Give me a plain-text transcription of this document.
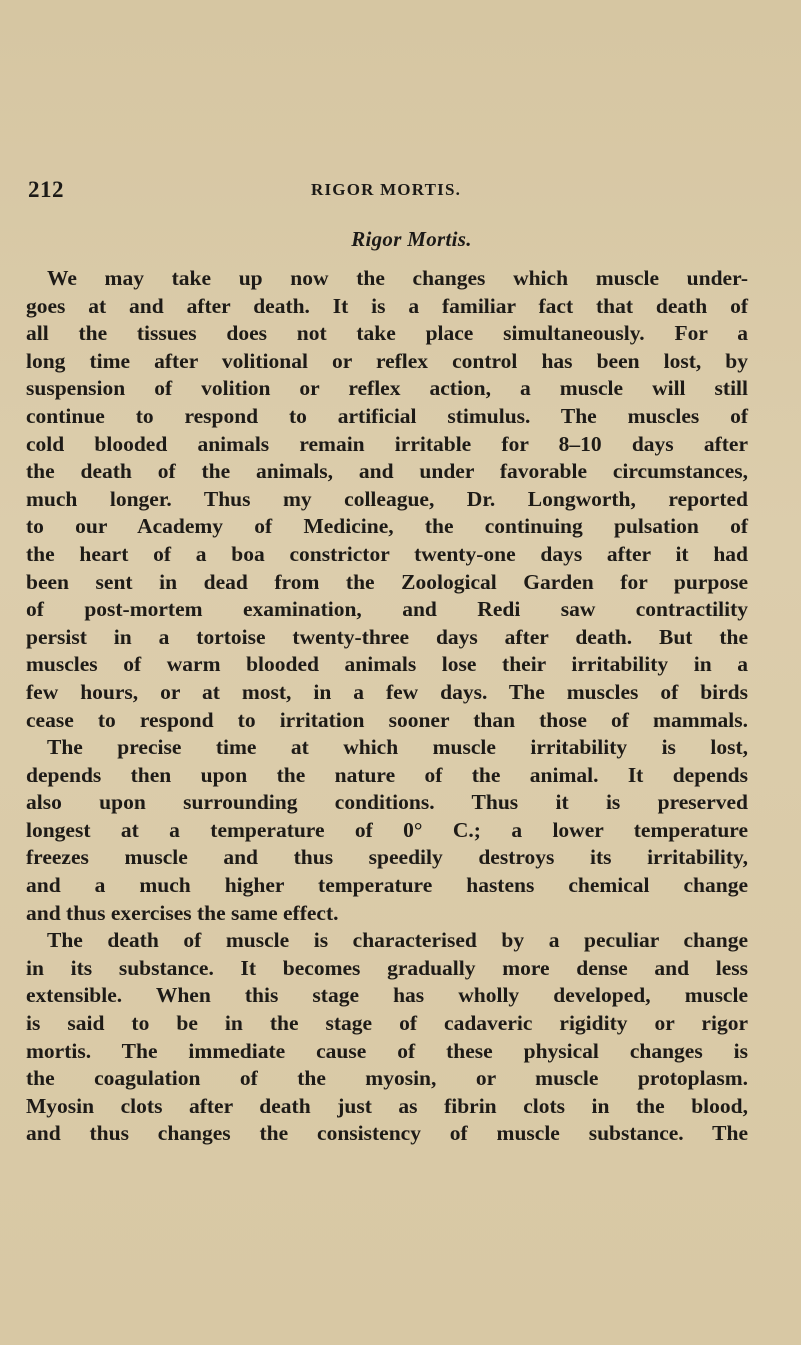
212	RIGOR MORTIS.
Rigor Mortis.
We may take up now the changes which muscle under-
goes at and after death. It is a familiar fact that death of
all the tissues does not take place simultaneously. For a
long time after volitional or reflex control has been lost, by
suspension of volition or reflex action, a muscle will still
continue to respond to artificial stimulus. The muscles of
cold blooded animals remain irritable for 8–10 days after
the death of the animals, and under favorable circumstances,
much longer. Thus my colleague, Dr. Longworth, reported
to our Academy of Medicine, the continuing pulsation of
the heart of a boa constrictor twenty-one days after it had
been sent in dead from the Zoological Garden for purpose
of post-mortem examination, and Redi saw contractility
persist in a tortoise twenty-three days after death. But the
muscles of warm blooded animals lose their irritability in a
few hours, or at most, in a few days. The muscles of birds
cease to respond to irritation sooner than those of mammals.
The precise time at which muscle irritability is lost,
depends then upon the nature of the animal. It depends
also upon surrounding conditions. Thus it is preserved
longest at a temperature of 0° C.; a lower temperature
freezes muscle and thus speedily destroys its irritability,
and a much higher temperature hastens chemical change
and thus exercises the same effect.
The death of muscle is characterised by a peculiar change
in its substance. It becomes gradually more dense and less
extensible. When this stage has wholly developed, muscle
is said to be in the stage of cadaveric rigidity or rigor
mortis. The immediate cause of these physical changes is
the coagulation of the myosin, or muscle protoplasm.
Myosin clots after death just as fibrin clots in the blood,
and thus changes the consistency of muscle substance. The
